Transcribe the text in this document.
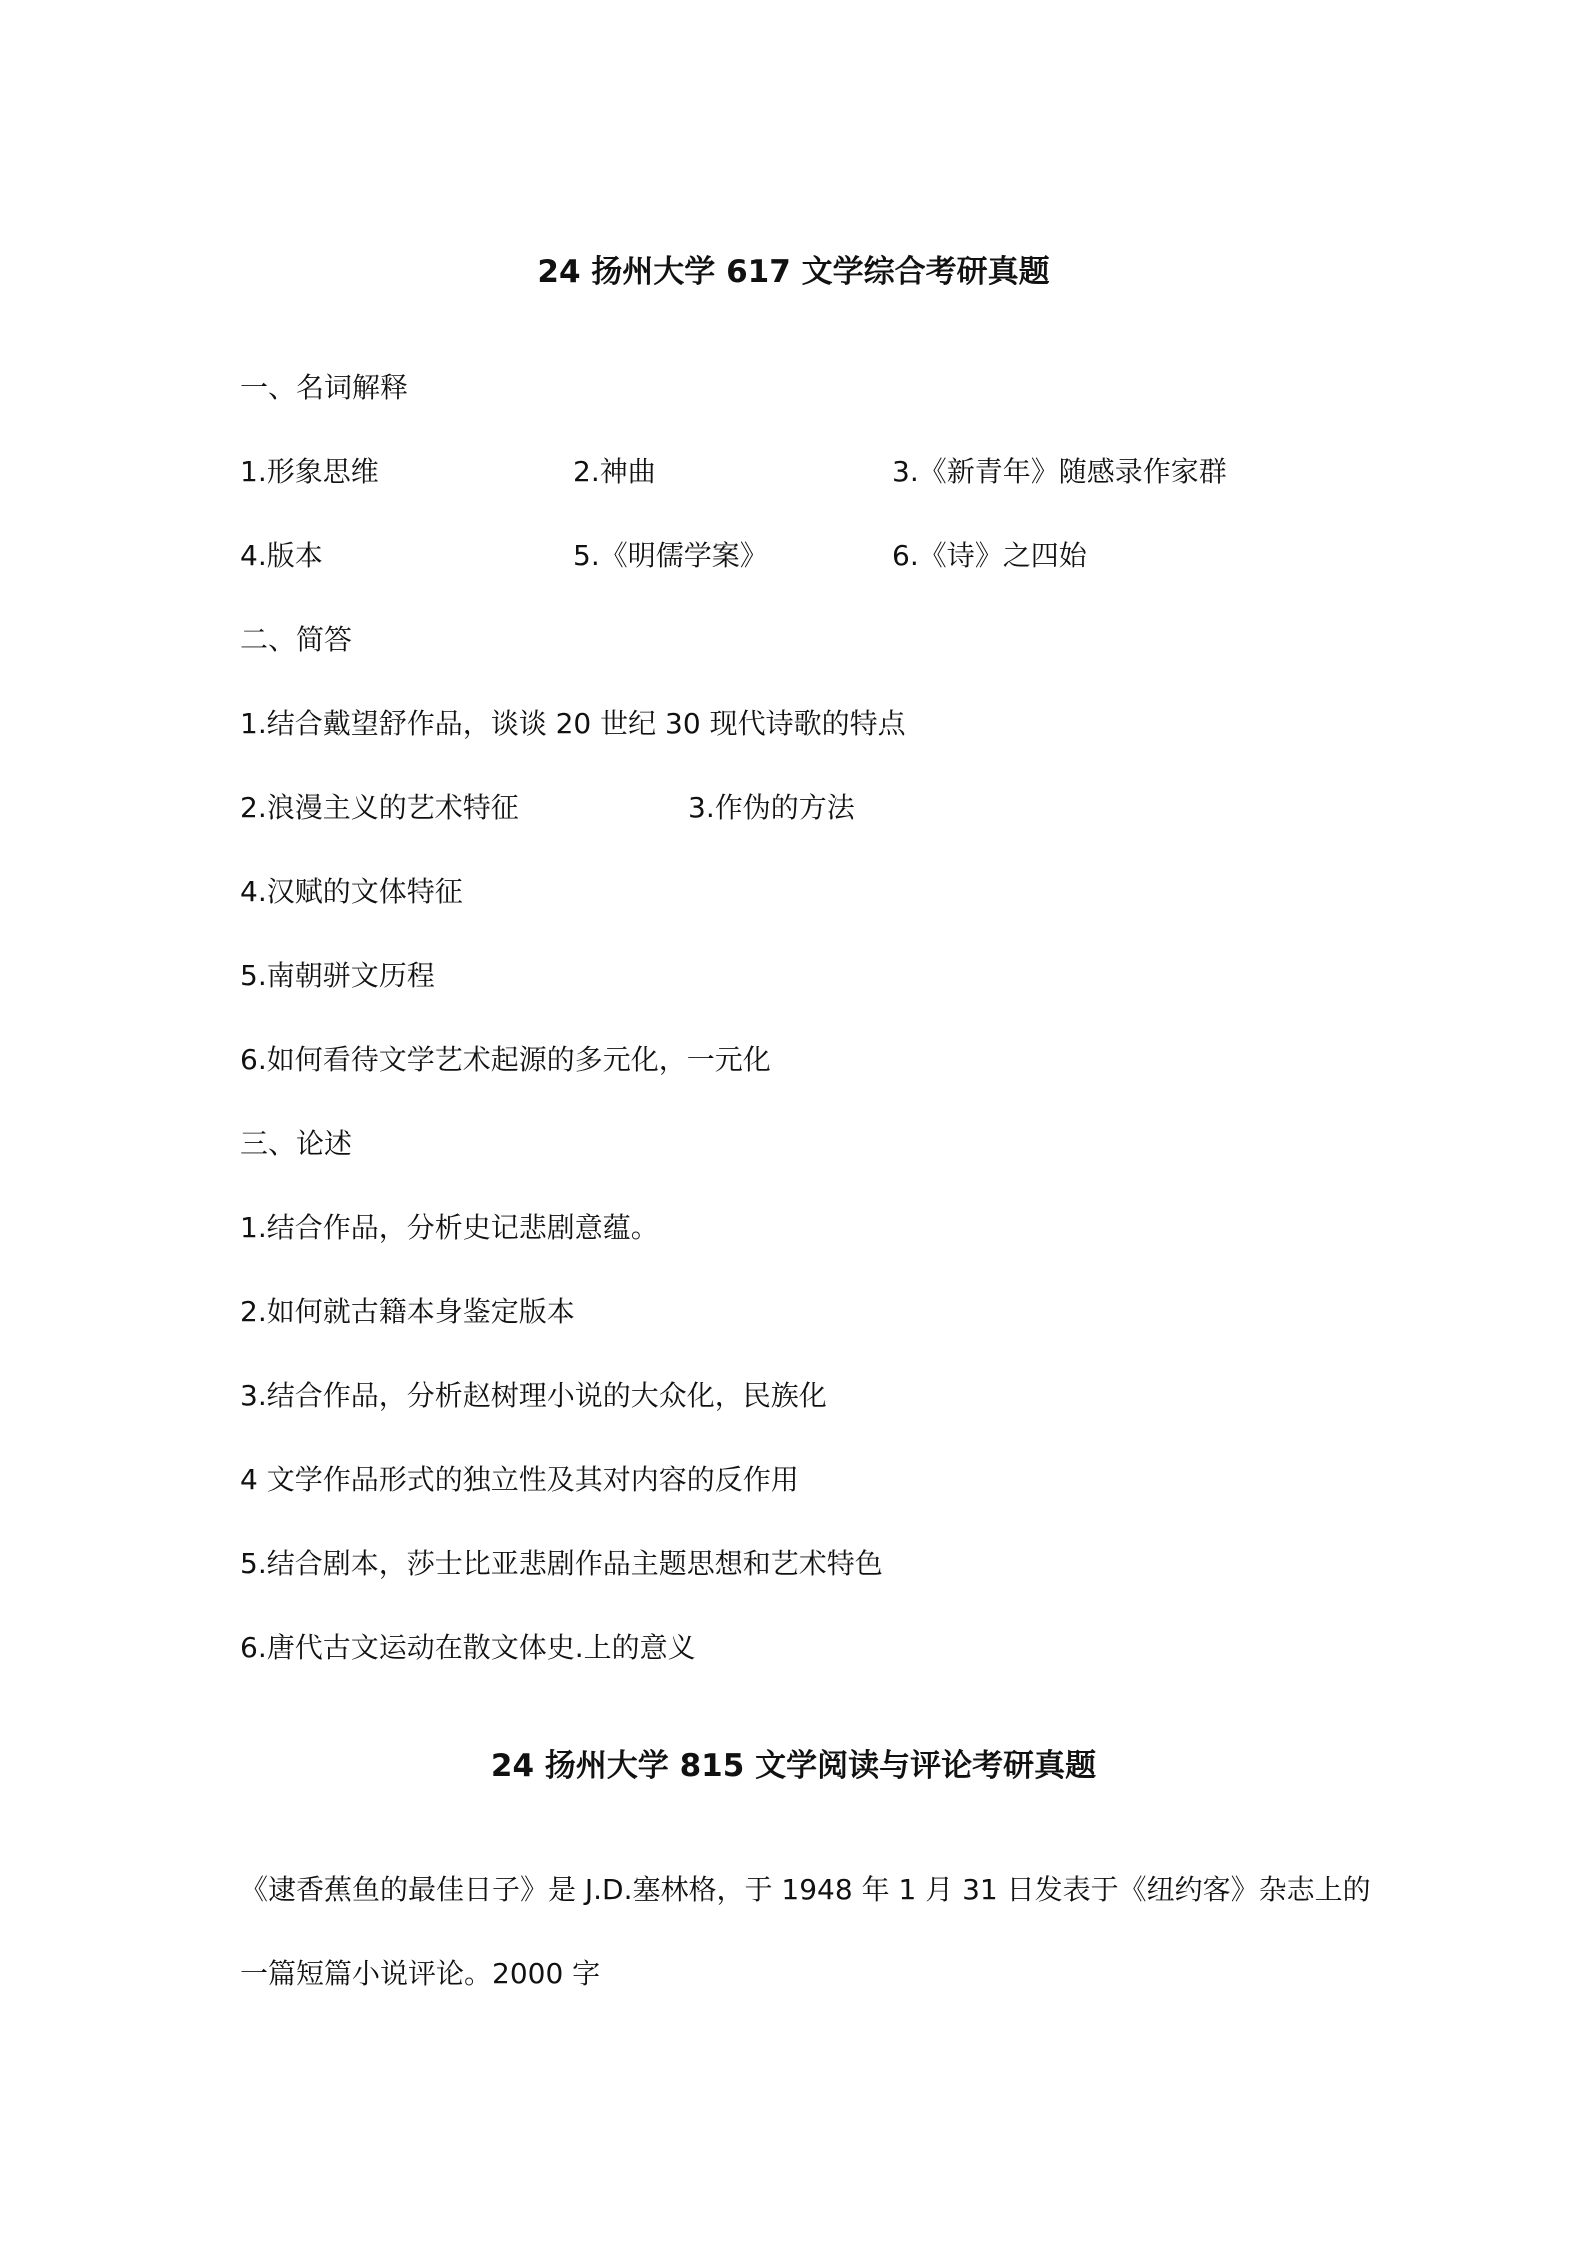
24 扬州大学 617 文学综合考研真题

一、名词解释

1.形象思维	2.神曲	3.《新青年》随感录作家群
4.版本	5.《明儒学案》	6.《诗》之四始

二、简答

1.结合戴望舒作品，谈谈 20 世纪 30 现代诗歌的特点

2.浪漫主义的艺术特征	3.作伪的方法

4.汉赋的文体特征

5.南朝骈文历程

6.如何看待文学艺术起源的多元化，一元化

三、论述

1.结合作品，分析史记悲剧意蕴。

2.如何就古籍本身鉴定版本

3.结合作品，分析赵树理小说的大众化，民族化

4 文学作品形式的独立性及其对内容的反作用

5.结合剧本，莎士比亚悲剧作品主题思想和艺术特色

6.唐代古文运动在散文体史.上的意义

24 扬州大学 815 文学阅读与评论考研真题

《逮香蕉鱼的最佳日子》是 J.D.塞林格，于 1948 年 1 月 31 日发表于《纽约客》杂志上的

一篇短篇小说评论。2000 字
